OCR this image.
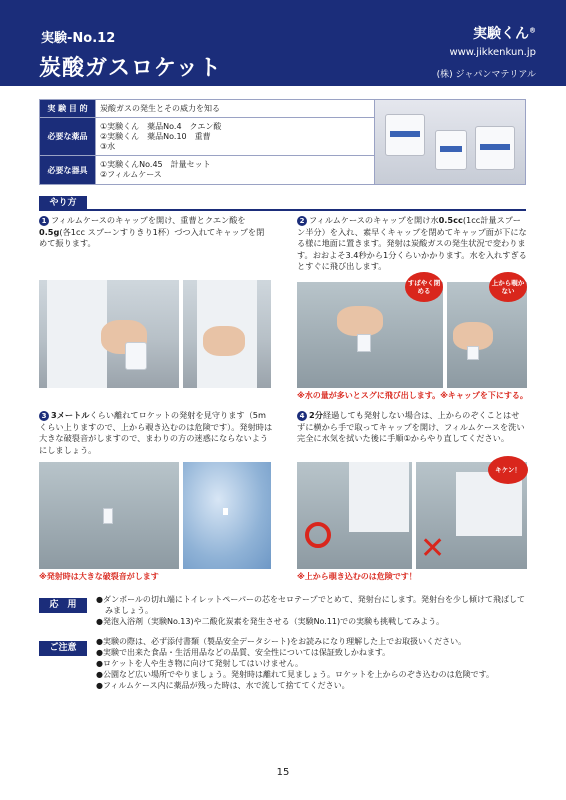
実験-No.12
炭酸ガスロケット
実験くん®
www.jikkenkun.jp
(株) ジャパンマテリアル
実 験 目 的	炭酸ガスの発生とその威力を知る	

必要な薬品	①実験くん　薬品No.4　クエン酸
②実験くん　薬品No.10　重曹
③水	

必要な器具	①実験くんNo.45　計量セット
②フィルムケース	
やり方
1 フィルムケースのキャップを開け、重曹とクエン酸を0.5g(各1cc スプーンすりきり1杯）づつ入れてキャップを閉めて振ります。
2 フィルムケースのキャップを開け水0.5cc(1cc計量スプーン半分）を入れ、素早くキャップを閉めてキャップ面が下になる様に地面に置きます。発射は炭酸ガスの発生状況で変わります。おおよそ3.4秒から1分くらいかかります。水を入れすぎるとすぐに飛び出します。
すばやく閉める
上から覗かない
※水の量が多いとスグに飛び出します。※キャップを下にする。
3 3メートルくらい離れてロケットの発射を見守ります（5mくらい上りますので、上から覗き込むのは危険です）。発射時は大きな破裂音がしますので、まわりの方の迷惑にならないようにしましょう。
※発射時は大きな破裂音がします
4 2分経過しても発射しない場合は、上からのぞくことはせずに横から手で取ってキャップを開け、フィルムケースを洗い完全に水気を拭いた後に手順①からやり直してください。
✕
キケン！
※上から覗き込むのは危険です！
応　用
●ダンボールの切れ端にトイレットペーパーの芯をセロテープでとめて、発射台にします。発射台を少し傾けて飛ばしてみましょう。
●発泡入浴剤（実験No.13)や二酸化炭素を発生させる（実験No.11)での実験も挑戦してみよう。
ご注意
●実験の際は、必ず添付書類（製品安全データシート)をお読みになり理解した上でお取扱いください。
●実験で出来た食品・生活用品などの品質、安全性については保証致しかねます。
●ロケットを人や生き物に向けて発射してはいけません。
●公園など広い場所でやりましょう。発射時は離れて見ましょう。ロケットを上からのぞき込むのは危険です。
●フィルムケース内に薬品が残った時は、水で流して捨ててください。
15
